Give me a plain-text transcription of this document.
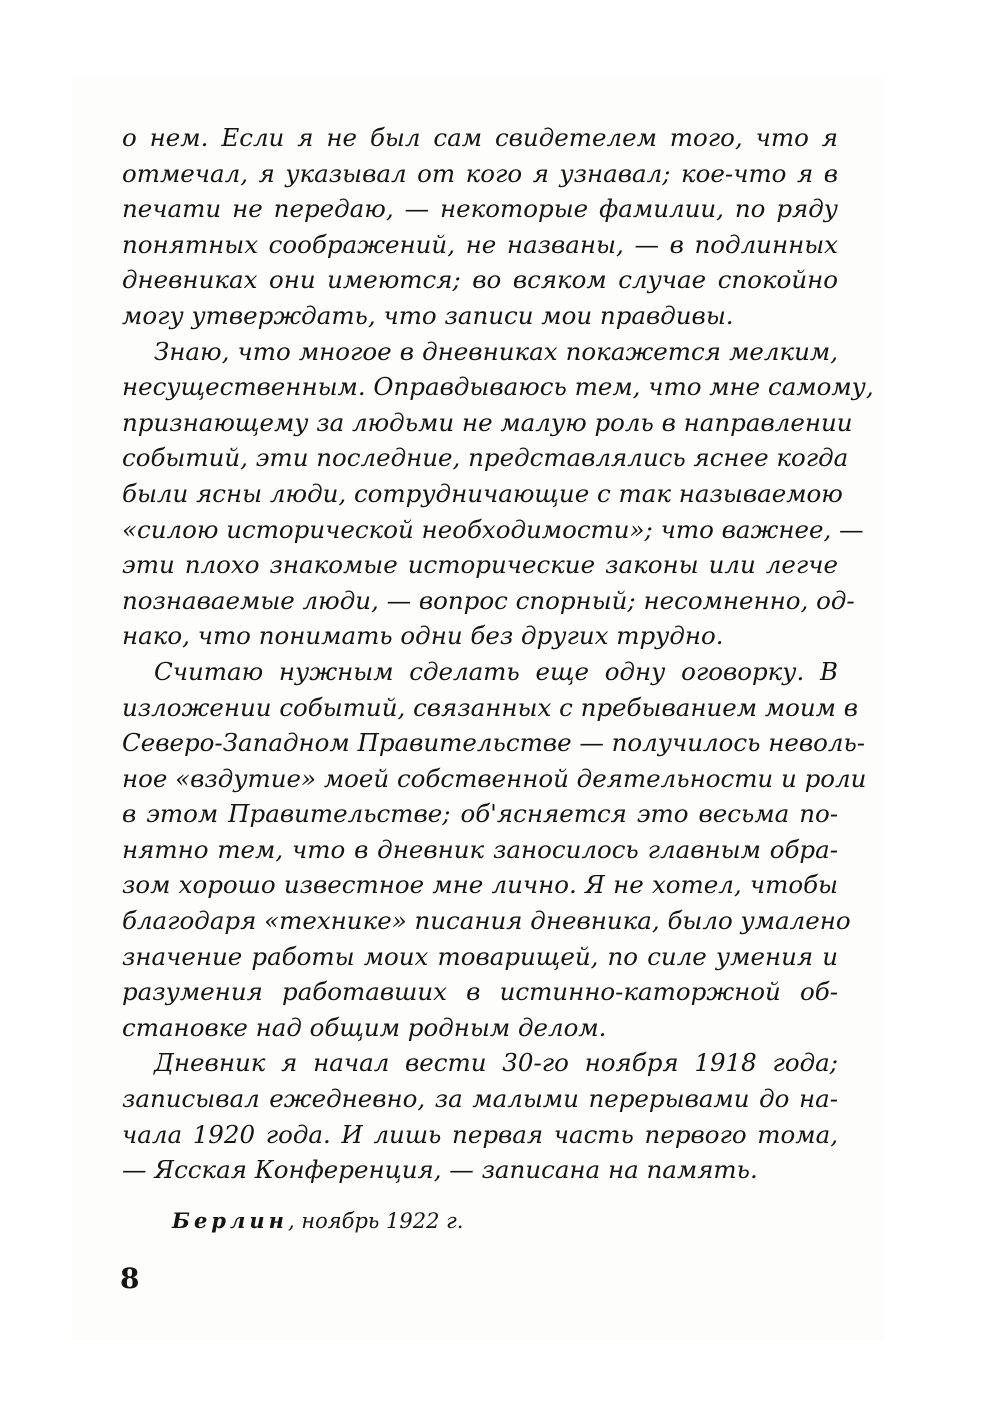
о нем. Если я не был сам свидетелем того, что я
отмечал, я указывал от кого я узнавал; кое-что я в
печати не передаю, — некоторые фамилии, по ряду
понятных соображений, не названы, — в подлинных
дневниках они имеются; во всяком случае спокойно
могу утверждать, что записи мои правдивы.

Знаю, что многое в дневниках покажется мелким,
несущественным. Оправдываюсь тем, что мне самому,
признающему за людьми не малую роль в направлении
событий, эти последние, представлялись яснее когда
были ясны люди, сотрудничающие с так называемою
«силою исторической необходимости»; что важнее, —
эти плохо знакомые исторические законы или легче
познаваемые люди, — вопрос спорный; несомненно, од-
нако, что понимать одни без других трудно.

Считаю нужным сделать еще одну оговорку. В
изложении событий, связанных с пребыванием моим в
Северо-Западном Правительстве — получилось неволь-
ное «вздутие» моей собственной деятельности и роли
в этом Правительстве; об'ясняется это весьма по-
нятно тем, что в дневник заносилось главным обра-
зом хорошо известное мне лично. Я не хотел, чтобы
благодаря «технике» писания дневника, было умалено
значение работы моих товарищей, по силе умения и
разумения работавших в истинно-каторжной об-
становке над общим родным делом.

Дневник я начал вести 30-го ноября 1918 года;
записывал ежедневно, за малыми перерывами до на-
чала 1920 года. И лишь первая часть первого тома,
— Ясская Конференция, — записана на память.

Берлин, ноябрь 1922 г.
8
